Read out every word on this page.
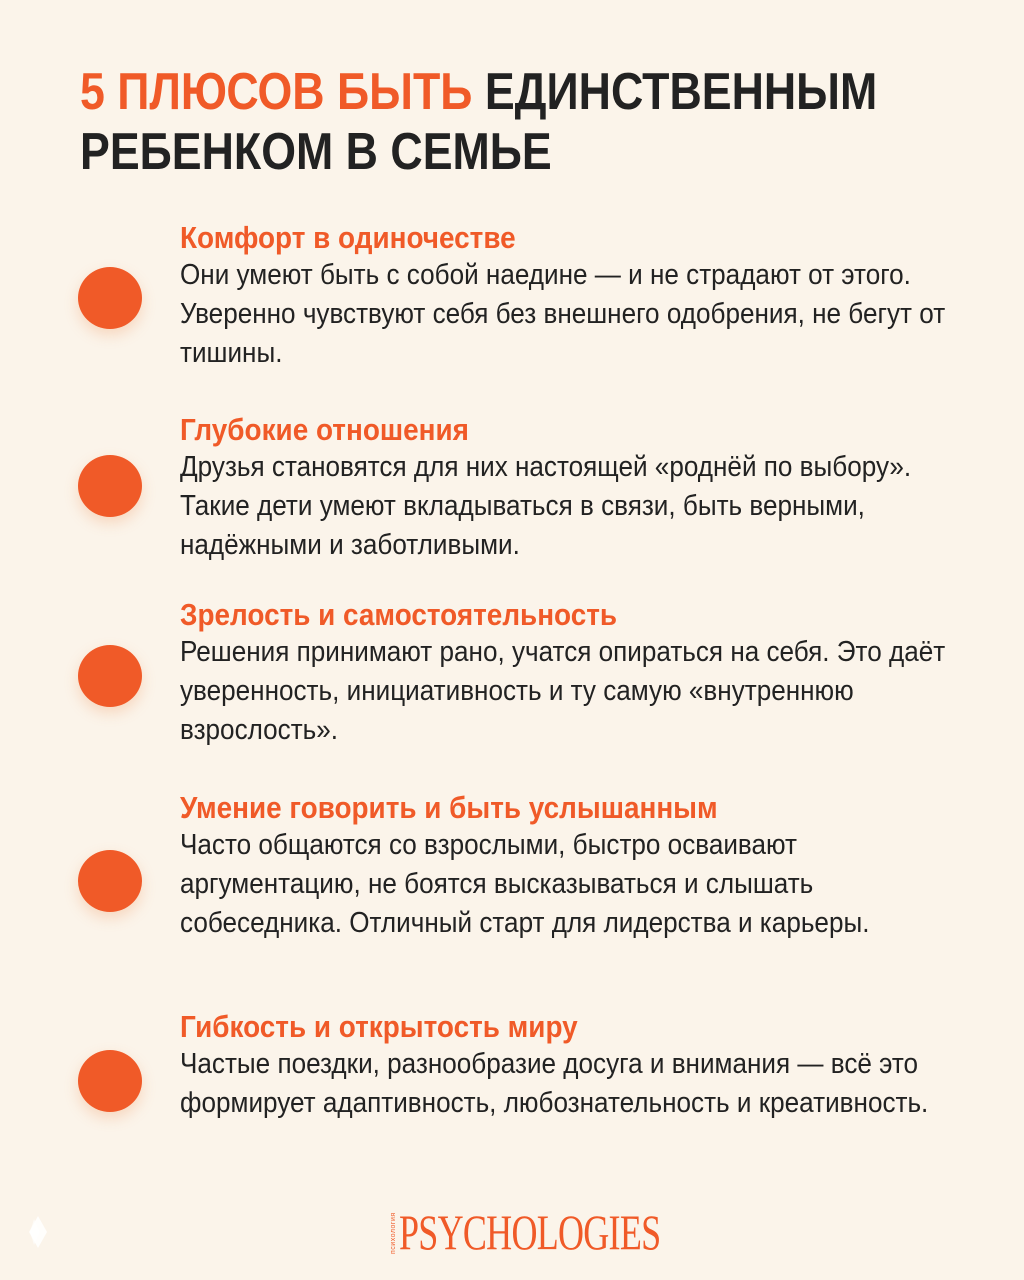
5 ПЛЮСОВ БЫТЬ ЕДИНСТВЕННЫМ
РЕБЕНКОМ В СЕМЬЕ
Комфорт в одиночестве
Они умеют быть с собой наедине — и не страдают от этого. Уверенно чувствуют себя без внешнего одобрения, не бегут от тишины.
Глубокие отношения
Друзья становятся для них настоящей «роднёй по выбору». Такие дети умеют вкладываться в связи, быть верными, надёжными и заботливыми.
Зрелость и самостоятельность
Решения принимают рано, учатся опираться на себя. Это даёт уверенность, инициативность и ту самую «внутреннюю взрослость».
Умение говорить и быть услышанным
Часто общаются со взрослыми, быстро осваивают аргументацию, не боятся высказываться и слышать собеседника. Отличный старт для лидерства и карьеры.
Гибкость и открытость миру
Частые поездки, разнообразие досуга и внимания — всё это формирует адаптивность, любознательность и креативность.
психология PSYCHOLOGIES
